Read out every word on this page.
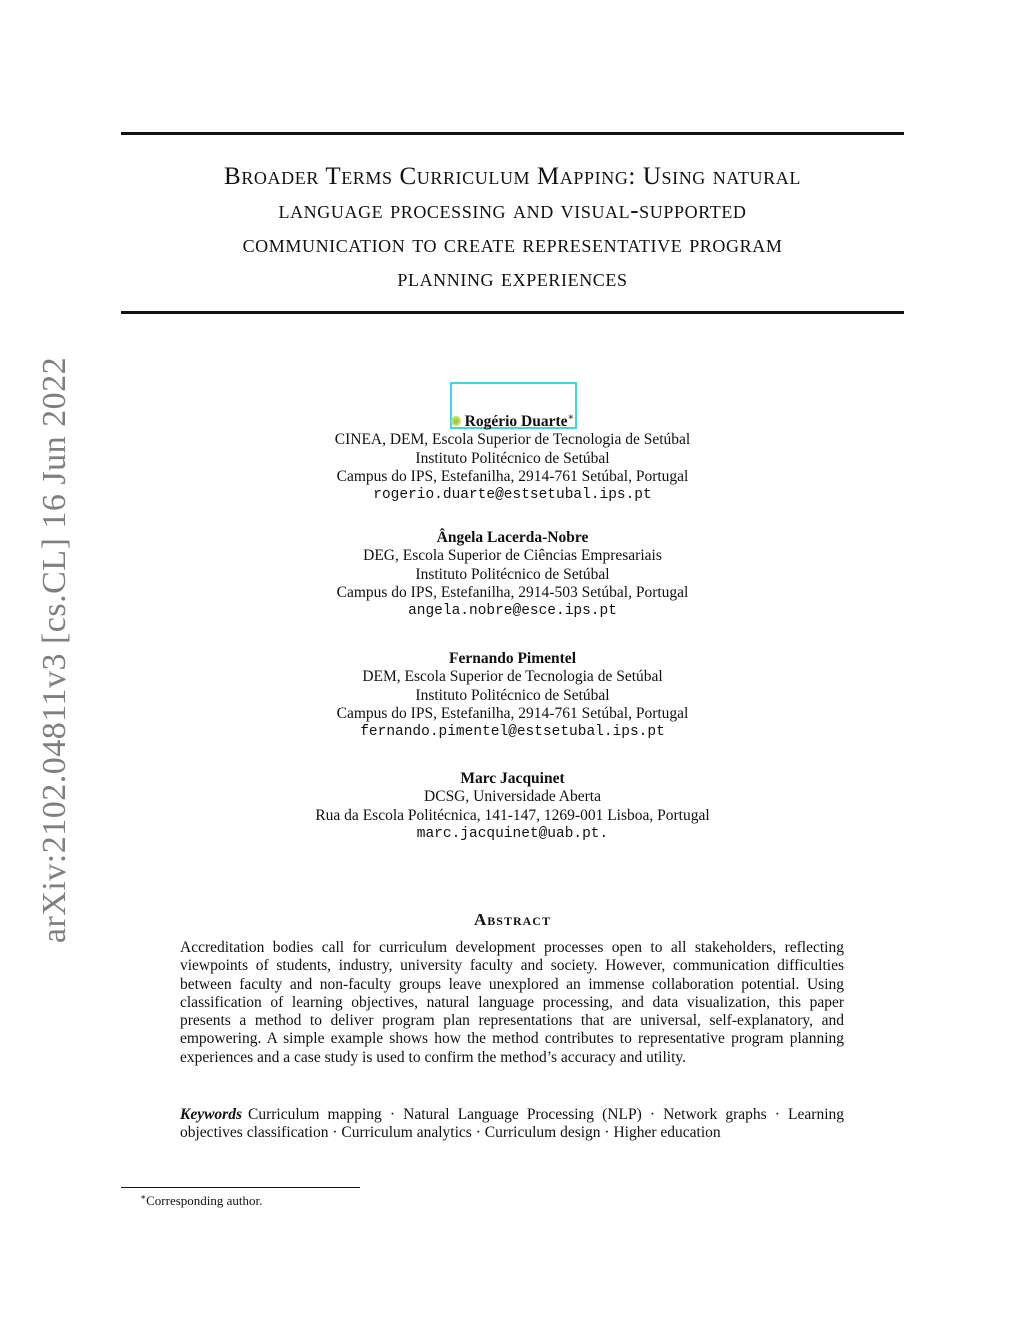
Broader Terms Curriculum Mapping: Using natural
language processing and visual-supported
communication to create representative program
planning experiences
arXiv:2102.04811v3 [cs.CL] 16 Jun 2022	Rogério Duarte∗
CINEA, DEM, Escola Superior de Tecnologia de Setúbal
Instituto Politécnico de Setúbal
Campus do IPS, Estefanilha, 2914-761 Setúbal, Portugal
rogerio.duarte@estsetubal.ips.pt
Ângela Lacerda-Nobre
DEG, Escola Superior de Ciências Empresariais
Instituto Politécnico de Setúbal
Campus do IPS, Estefanilha, 2914-503 Setúbal, Portugal
angela.nobre@esce.ips.pt
Fernando Pimentel
DEM, Escola Superior de Tecnologia de Setúbal
Instituto Politécnico de Setúbal
Campus do IPS, Estefanilha, 2914-761 Setúbal, Portugal
fernando.pimentel@estsetubal.ips.pt
Marc Jacquinet
DCSG, Universidade Aberta
Rua da Escola Politécnica, 141-147, 1269-001 Lisboa, Portugal
marc.jacquinet@uab.pt.
Abstract
Accreditation bodies call for curriculum development processes open to all stakeholders, reflecting viewpoints of students, industry, university faculty and society. However, communication difficulties between faculty and non-faculty groups leave unexplored an immense collaboration potential. Using classification of learning objectives, natural language processing, and data visualization, this paper presents a method to deliver program plan representations that are universal, self-explanatory, and empowering. A simple example shows how the method contributes to representative program planning experiences and a case study is used to confirm the method’s accuracy and utility.
Keywords Curriculum mapping · Natural Language Processing (NLP) · Network graphs · Learning objectives classification · Curriculum analytics · Curriculum design · Higher education
∗Corresponding author.
